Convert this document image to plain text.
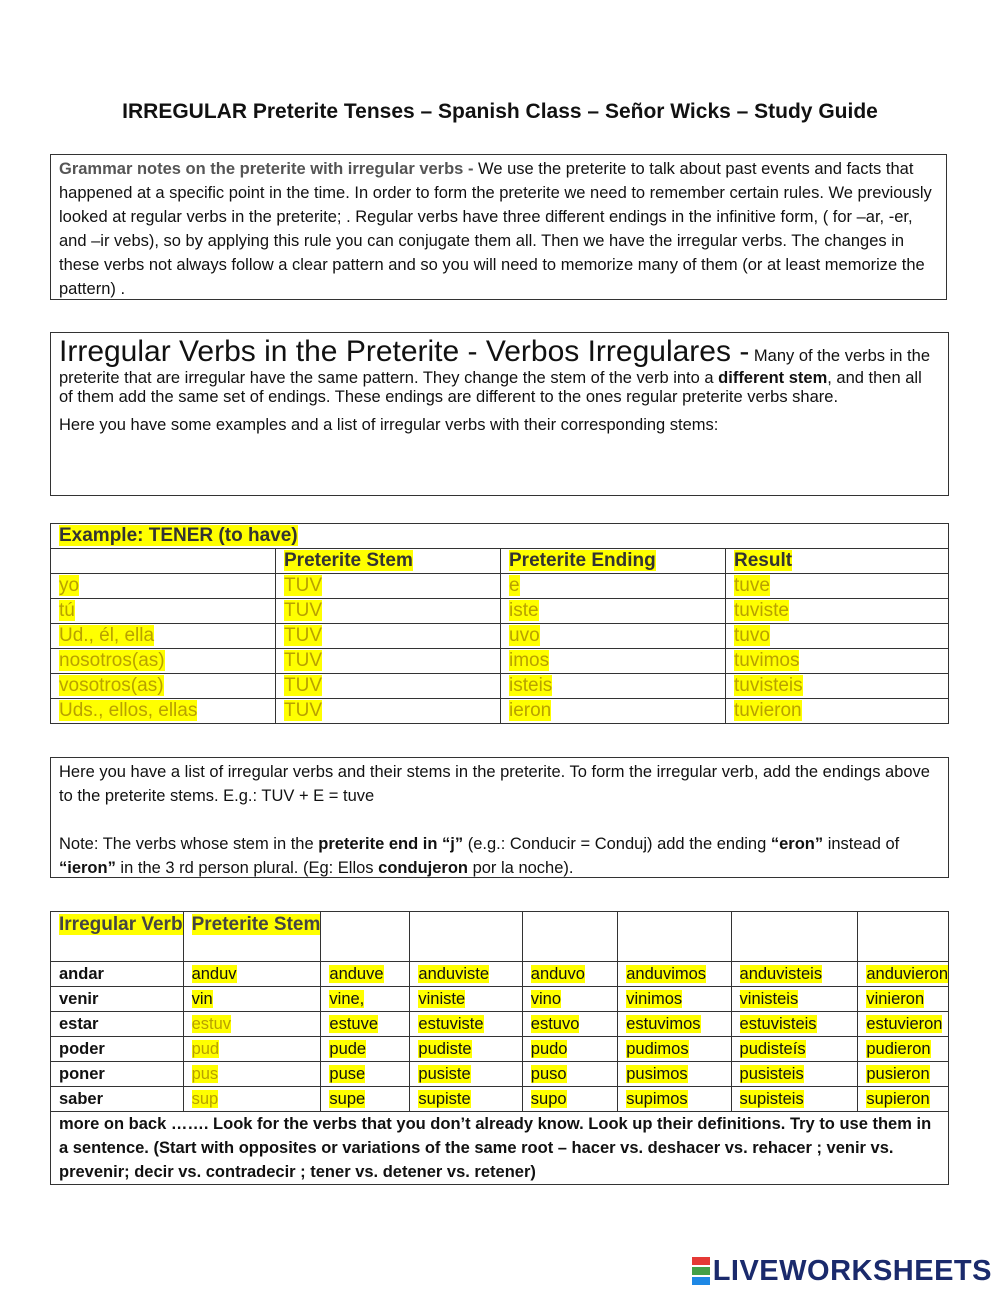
IRREGULAR Preterite Tenses – Spanish Class – Señor Wicks – Study Guide
Grammar notes on the preterite with irregular verbs - We use the preterite to talk about past events and facts that happened at a specific point in the time. In order to form the preterite we need to remember certain rules. We previously looked at regular verbs in the preterite; . Regular verbs have three different endings in the infinitive form, ( for –ar, -er, and –ir vebs), so by applying this rule you can conjugate them all. Then we have the irregular verbs. The changes in these verbs not always follow a clear pattern and so you will need to memorize many of them (or at least memorize the pattern) .
Irregular Verbs in the Preterite - Verbos Irregulares - Many of the verbs in the preterite that are irregular have the same pattern. They change the stem of the verb into a different stem, and then all of them add the same set of endings. These endings are different to the ones regular preterite verbs share.
Here you have some examples and a list of irregular verbs with their corresponding stems:
Example: TENER (to have)			
	Preterite Stem	Preterite Ending	Result
yo	TUV	e	tuve
tú	TUV	iste	tuviste
Ud., él, ella	TUV	uvo	tuvo
nosotros(as)	TUV	imos	tuvimos
vosotros(as)	TUV	isteis	tuvisteis
Uds., ellos, ellas	TUV	ieron	tuvieron
Here you have a list of irregular verbs and their stems in the preterite. To form the irregular verb, add the endings above to the preterite stems. E.g.: TUV + E = tuve
Note: The verbs whose stem in the preterite end in “j” (e.g.: Conducir = Conduj) add the ending “eron” instead of “ieron” in the 3 rd person plural. (Eg: Ellos condujeron por la noche).
Irregular Verb	Preterite Stem						
andar	anduv	anduve	anduviste	anduvo	anduvimos	anduvisteis	anduvieron
venir	vin	vine,	viniste	vino	vinimos	vinisteis	vinieron
estar	estuv	estuve	estuviste	estuvo	estuvimos	estuvisteis	estuvieron
poder	pud	pude	pudiste	pudo	pudimos	pudisteís	pudieron
poner	pus	puse	pusiste	puso	pusimos	pusisteis	pusieron
saber	sup	supe	supiste	supo	supimos	supisteis	supieron
more on back ……. Look for the verbs that you don’t already know. Look up their definitions. Try to use them in a sentence. (Start with opposites or variations of the same root – hacer vs. deshacer vs. rehacer ; venir vs. prevenir; decir vs. contradecir ; tener vs. detener vs. retener)							
LIVEWORKSHEETS
